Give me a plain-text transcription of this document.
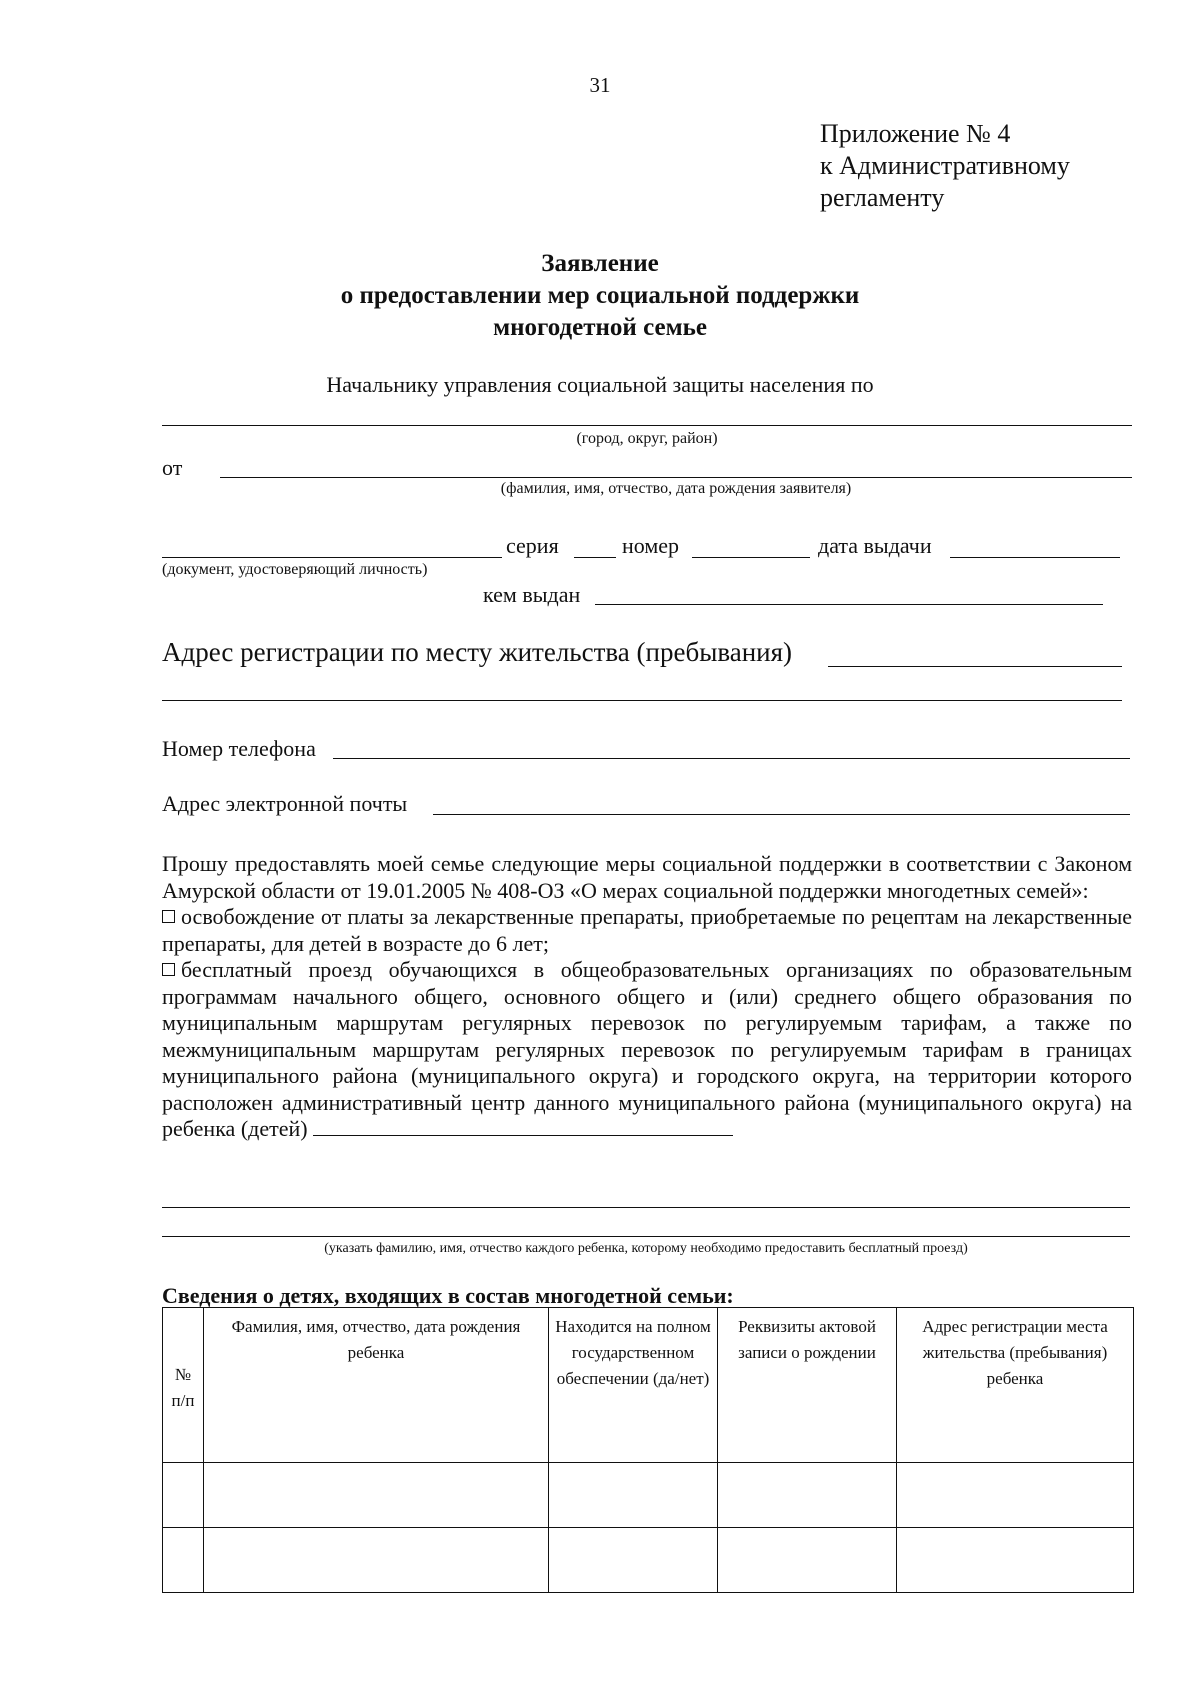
31
Приложение № 4
к Административному
регламенту
Заявление
о предоставлении мер социальной поддержки
многодетной семье
Начальнику управления социальной защиты населения по
(город, округ, район)
от
(фамилия, имя, отчество, дата рождения заявителя)
серия	номер	дата выдачи
(документ, удостоверяющий личность)
кем выдан
Адрес регистрации по месту жительства (пребывания)
Номер телефона
Адрес электронной почты

Прошу предоставлять моей семье следующие меры социальной поддержки в соответствии с Законом Амурской области от 19.01.2005 № 408-ОЗ «О мерах социальной поддержки многодетных семей»:

освобождение от платы за лекарственные препараты, приобретаемые по рецептам на лекарственные препараты, для детей в возрасте до 6 лет;

бесплатный проезд обучающихся в общеобразовательных организациях по образовательным программам начального общего, основного общего и (или) среднего общего образования по муниципальным маршрутам регулярных перевозок по регулируемым тарифам, а также по межмуниципальным маршрутам регулярных перевозок по регулируемым тарифам в границах муниципального района (муниципального округа) и городского округа, на территории которого расположен административный центр данного муниципального района (муниципального округа) на ребенка (детей)

(указать фамилию, имя, отчество каждого ребенка, которому необходимо предоставить бесплатный проезд)
Сведения о детях, входящих в состав многодетной семьи:
№ п/п	Фамилия, имя, отчество, дата рождения ребенка	Находится на полном государственном обеспечении (да/нет)	Реквизиты актовой записи о рождении	Адрес регистрации места жительства (пребывания) ребенка
